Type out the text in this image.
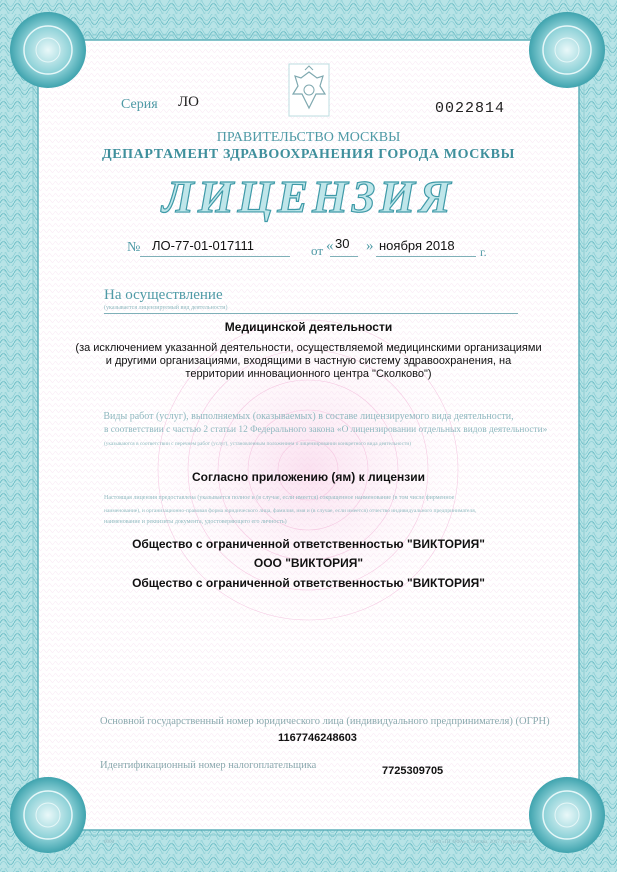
Серия ЛО	0022814
ПРАВИТЕЛЬСТВО МОСКВЫ
ДЕПАРТАМЕНТ ЗДРАВООХРАНЕНИЯ ГОРОДА МОСКВЫ
ЛИЦЕНЗИЯ
№ ЛО-77-01-017111	от « 30 » ноября 2018 г.
На осуществление
(указывается лицензируемый вид деятельности)
Медицинской деятельности
(за исключением указанной деятельности, осуществляемой медицинскими организациями
и другими организациями, входящими в частную систему здравоохранения, на
территории инновационного центра "Сколково")
Виды работ (услуг), выполняемых (оказываемых) в составе лицензируемого вида деятельности,
в соответствии с частью 2 статьи 12 Федерального закона «О лицензировании отдельных видов деятельности»
(указываются в соответствии с перечнем работ (услуг), установленным положением о лицензировании конкретного вида деятельности)
Согласно приложению (ям) к лицензии
Настоящая лицензия предоставлена (указывается полное и (в случае, если имеется) сокращенное наименование (в том числе фирменное
наименование), и организационно-правовая форма юридического лица, фамилия, имя и (в случае, если имеется) отчество индивидуального предпринимателя,
наименование и реквизиты документа, удостоверяющего его личность)
Общество с ограниченной ответственностью "ВИКТОРИЯ"
ООО "ВИКТОРИЯ"
Общество с ограниченной ответственностью "ВИКТОРИЯ"
Основной государственный номер юридического лица (индивидуального предпринимателя) (ОГРН)
1167746248603
Идентификационный номер налогоплательщика	7725309705
0000	ООО «ПТ ОФА» г. Москва, 2017 год, уровень Б
